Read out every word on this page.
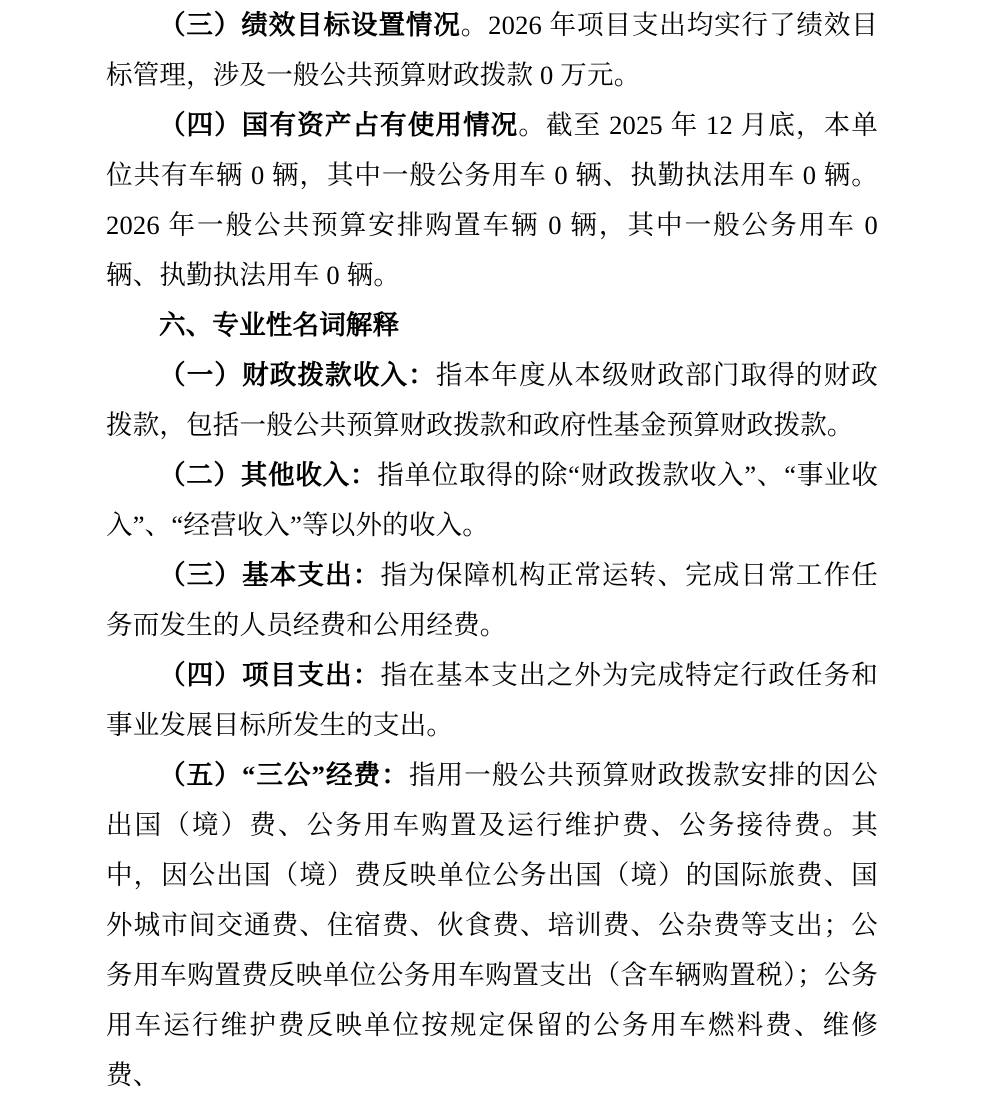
（三）绩效目标设置情况。2026 年项目支出均实行了绩效目标管理，涉及一般公共预算财政拨款 0 万元。

（四）国有资产占有使用情况。截至 2025 年 12 月底，本单位共有车辆 0 辆，其中一般公务用车 0 辆、执勤执法用车 0 辆。2026 年一般公共预算安排购置车辆 0 辆，其中一般公务用车 0 辆、执勤执法用车 0 辆。

六、专业性名词解释

（一）财政拨款收入：指本年度从本级财政部门取得的财政拨款，包括一般公共预算财政拨款和政府性基金预算财政拨款。

（二）其他收入：指单位取得的除“财政拨款收入”、“事业收入”、“经营收入”等以外的收入。

（三）基本支出：指为保障机构正常运转、完成日常工作任务而发生的人员经费和公用经费。

（四）项目支出：指在基本支出之外为完成特定行政任务和事业发展目标所发生的支出。

（五）“三公”经费：指用一般公共预算财政拨款安排的因公出国（境）费、公务用车购置及运行维护费、公务接待费。其中，因公出国（境）费反映单位公务出国（境）的国际旅费、国外城市间交通费、住宿费、伙食费、培训费、公杂费等支出；公务用车购置费反映单位公务用车购置支出（含车辆购置税）；公务用车运行维护费反映单位按规定保留的公务用车燃料费、维修费、
